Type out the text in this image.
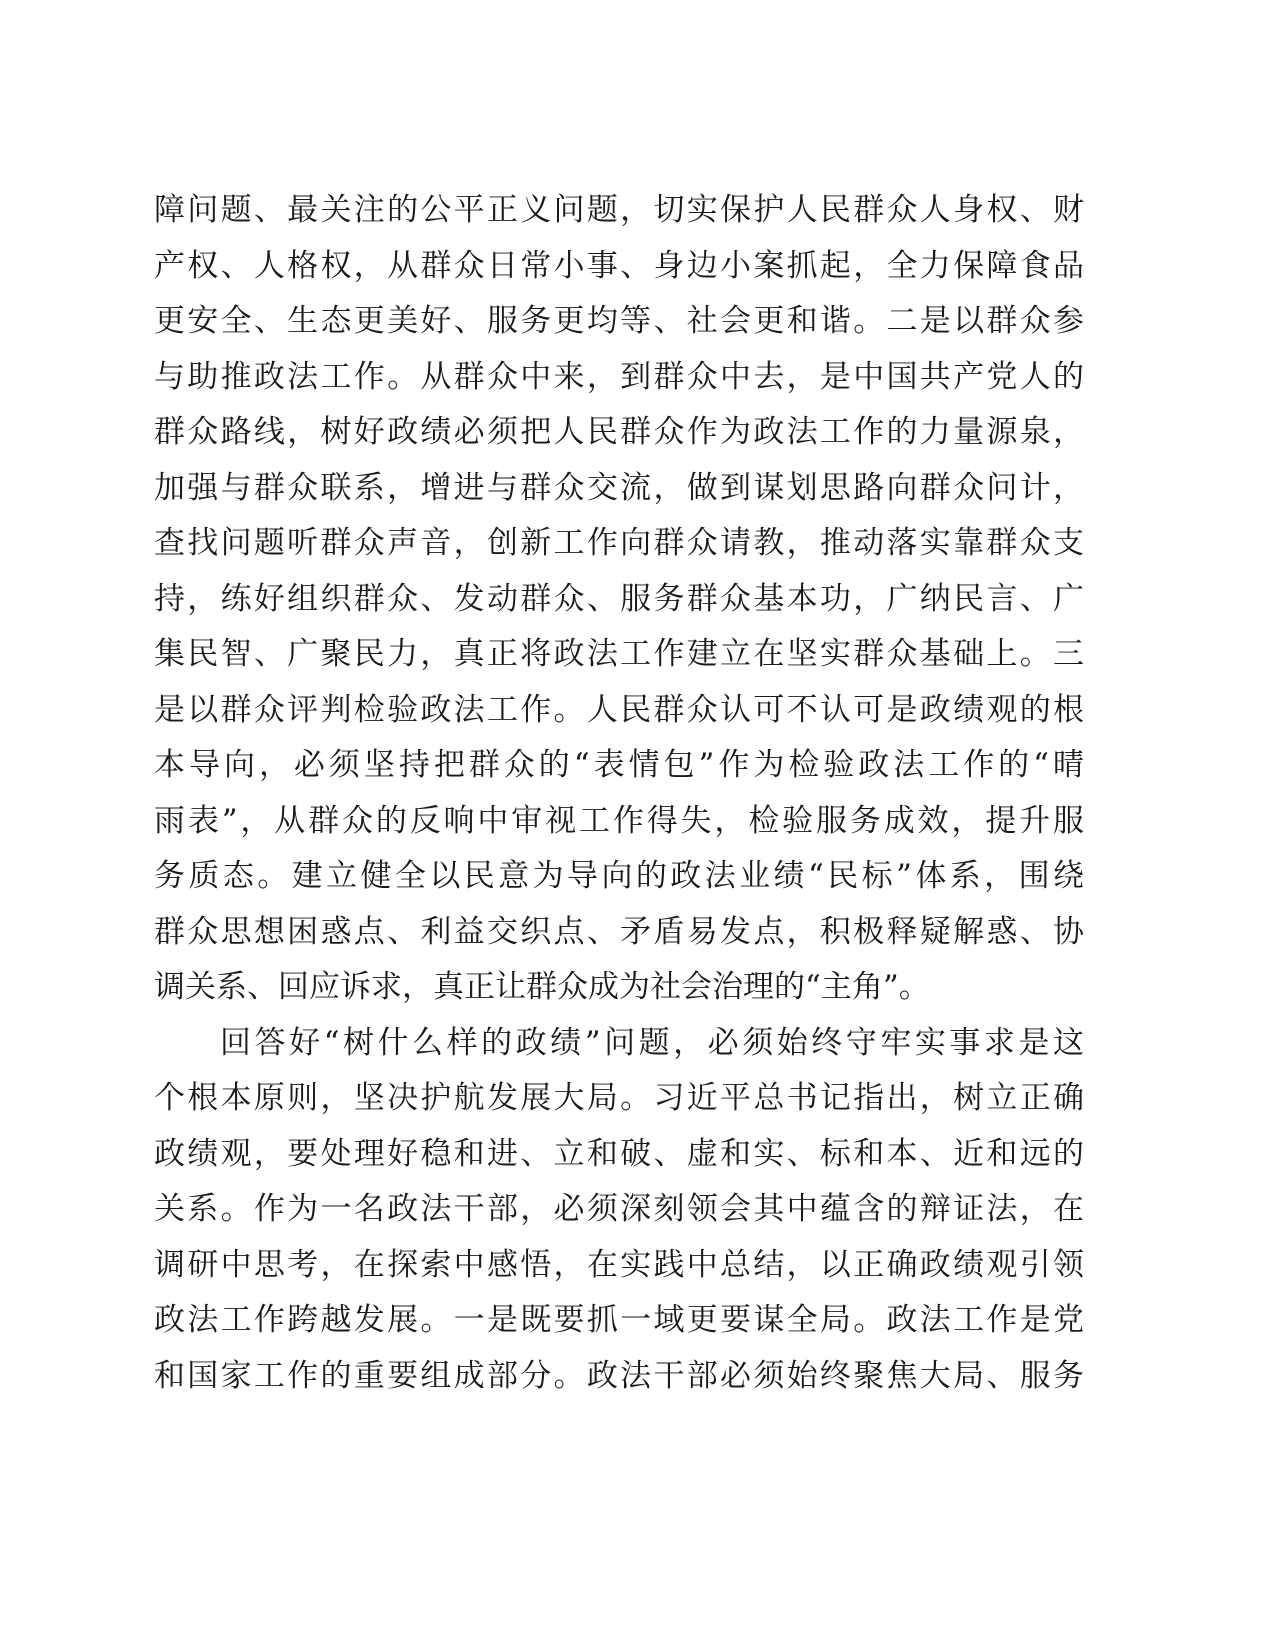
障问题、最关注的公平正义问题，切实保护人民群众人身权、财
产权、人格权，从群众日常小事、身边小案抓起，全力保障食品
更安全、生态更美好、服务更均等、社会更和谐。二是以群众参
与助推政法工作。从群众中来，到群众中去，是中国共产党人的
群众路线，树好政绩必须把人民群众作为政法工作的力量源泉，
加强与群众联系，增进与群众交流，做到谋划思路向群众问计，
查找问题听群众声音，创新工作向群众请教，推动落实靠群众支
持，练好组织群众、发动群众、服务群众基本功，广纳民言、广
集民智、广聚民力，真正将政法工作建立在坚实群众基础上。三
是以群众评判检验政法工作。人民群众认可不认可是政绩观的根
本导向，必须坚持把群众的“表情包”作为检验政法工作的“晴
雨表”，从群众的反响中审视工作得失，检验服务成效，提升服
务质态。建立健全以民意为导向的政法业绩“民标”体系，围绕
群众思想困惑点、利益交织点、矛盾易发点，积极释疑解惑、协
调关系、回应诉求，真正让群众成为社会治理的“主角”。
回答好“树什么样的政绩”问题，必须始终守牢实事求是这
个根本原则，坚决护航发展大局。习近平总书记指出，树立正确
政绩观，要处理好稳和进、立和破、虚和实、标和本、近和远的
关系。作为一名政法干部，必须深刻领会其中蕴含的辩证法，在
调研中思考，在探索中感悟，在实践中总结，以正确政绩观引领
政法工作跨越发展。一是既要抓一域更要谋全局。政法工作是党
和国家工作的重要组成部分。政法干部必须始终聚焦大局、服务
